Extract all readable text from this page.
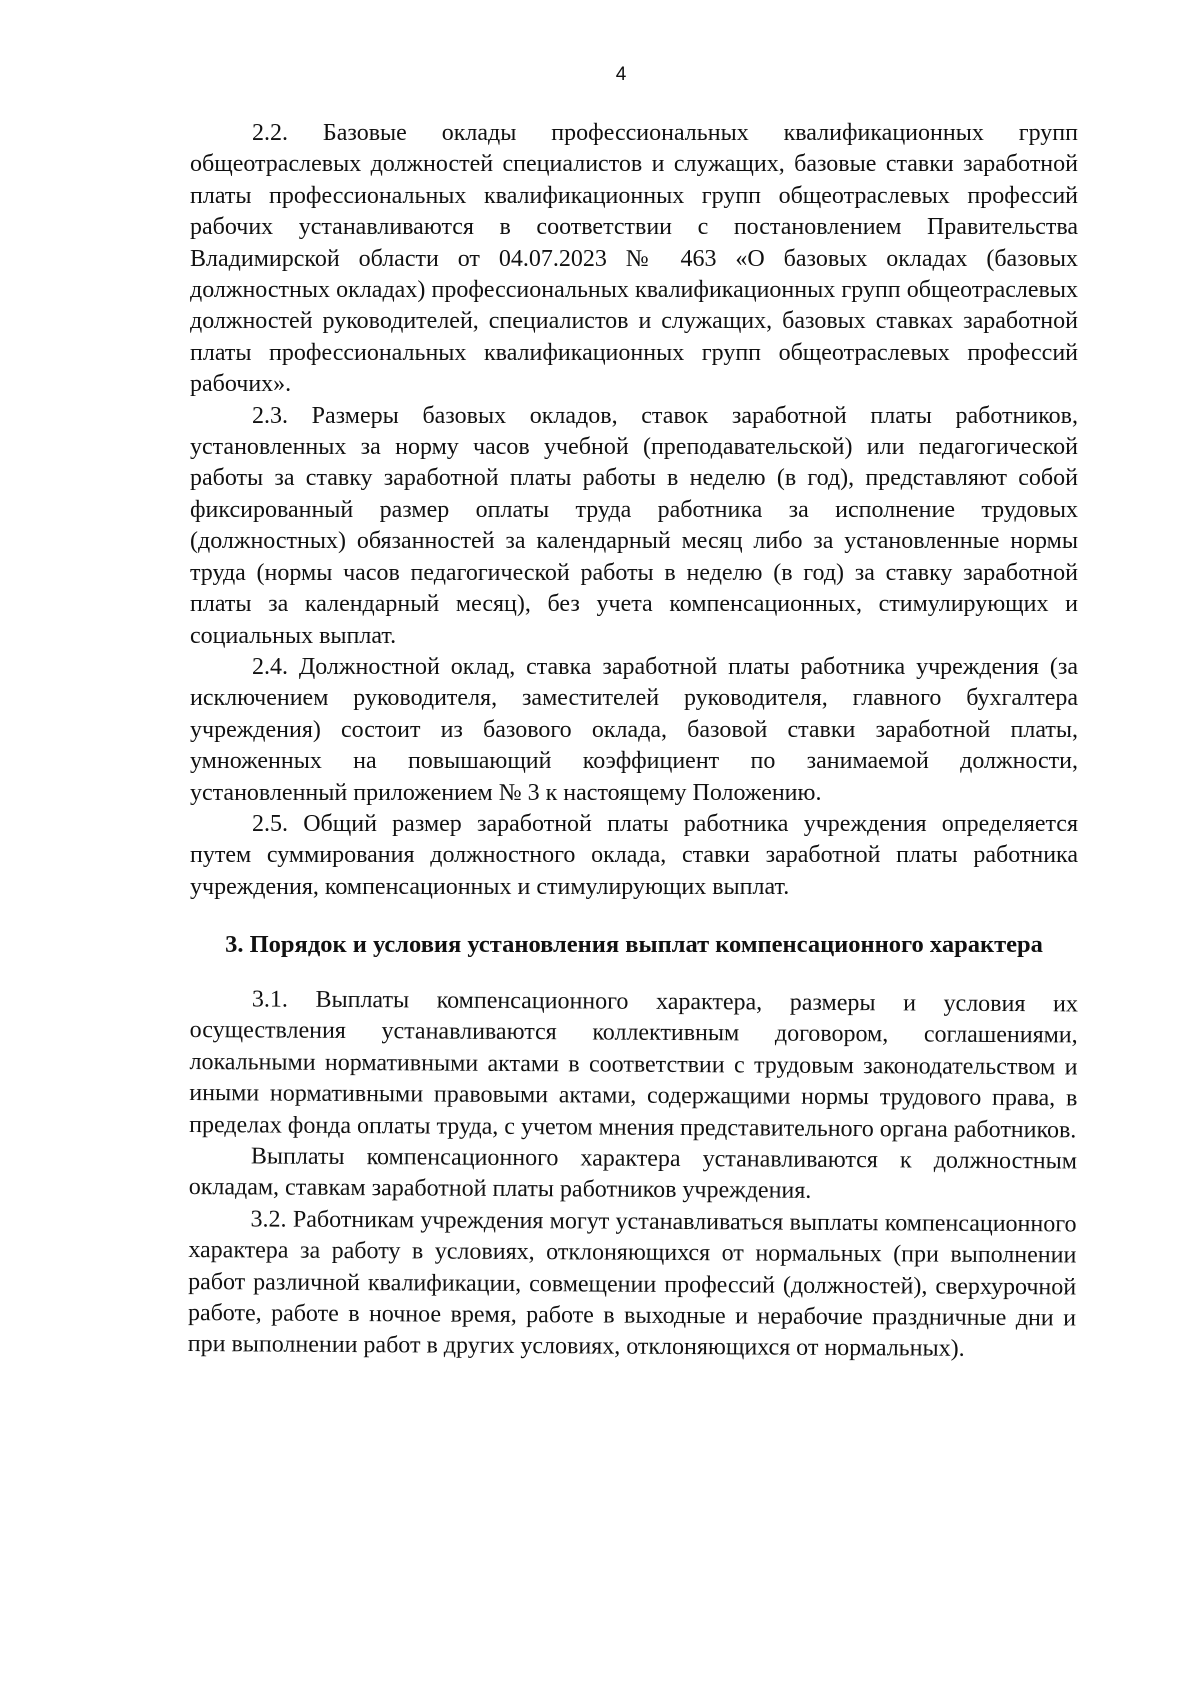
4

2.2. Базовые оклады профессиональных квалификационных групп общеотраслевых должностей специалистов и служащих, базовые ставки заработной платы профессиональных квалификационных групп общеотраслевых профессий рабочих устанавливаются в соответствии с постановлением Правительства Владимирской области от 04.07.2023 № 463 «О базовых окладах (базовых должностных окладах) профессиональных квалификационных групп общеотраслевых должностей руководителей, специалистов и служащих, базовых ставках заработной платы профессиональных квалификационных групп общеотраслевых профессий рабочих».

2.3. Размеры базовых окладов, ставок заработной платы работников, установленных за норму часов учебной (преподавательской) или педагогической работы за ставку заработной платы работы в неделю (в год), представляют собой фиксированный размер оплаты труда работника за исполнение трудовых (должностных) обязанностей за календарный месяц либо за установленные нормы труда (нормы часов педагогической работы в неделю (в год) за ставку заработной платы за календарный месяц), без учета компенсационных, стимулирующих и социальных выплат.

2.4. Должностной оклад, ставка заработной платы работника учреждения (за исключением руководителя, заместителей руководителя, главного бухгалтера учреждения) состоит из базового оклада, базовой ставки заработной платы, умноженных на повышающий коэффициент по занимаемой должности, установленный приложением № 3 к настоящему Положению.

2.5. Общий размер заработной платы работника учреждения определяется путем суммирования должностного оклада, ставки заработной платы работника учреждения, компенсационных и стимулирующих выплат.

3. Порядок и условия установления выплат компенсационного характера

3.1. Выплаты компенсационного характера, размеры и условия их осуществления устанавливаются коллективным договором, соглашениями, локальными нормативными актами в соответствии с трудовым законодательством и иными нормативными правовыми актами, содержащими нормы трудового права, в пределах фонда оплаты труда, с учетом мнения представительного органа работников.

Выплаты компенсационного характера устанавливаются к должностным окладам, ставкам заработной платы работников учреждения.

3.2. Работникам учреждения могут устанавливаться выплаты компенсационного характера за работу в условиях, отклоняющихся от нормальных (при выполнении работ различной квалификации, совмещении профессий (должностей), сверхурочной работе, работе в ночное время, работе в выходные и нерабочие праздничные дни и при выполнении работ в других условиях, отклоняющихся от нормальных).
